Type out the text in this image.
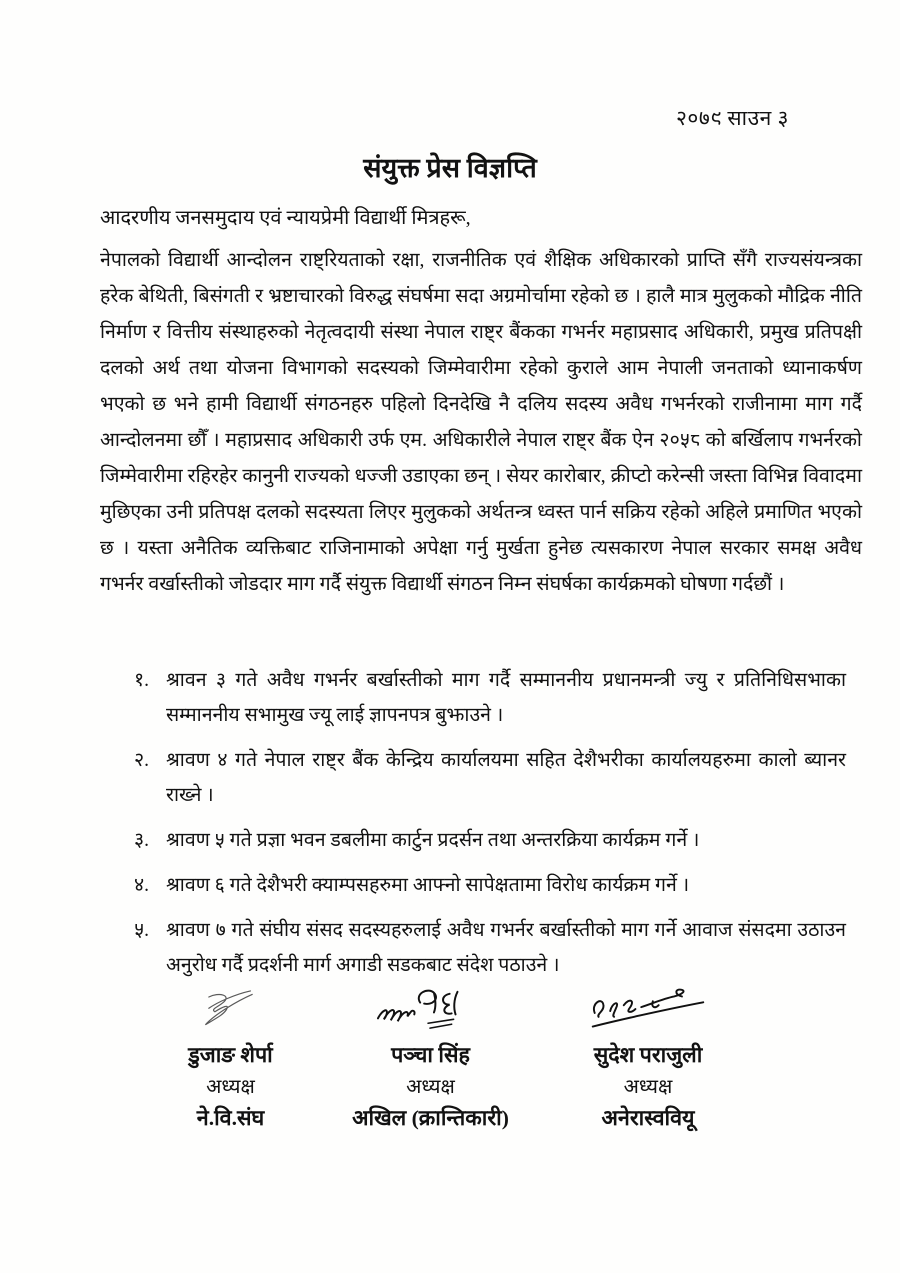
२०७९ साउन ३
संयुक्त प्रेस विज्ञप्ति
आदरणीय जनसमुदाय एवं न्यायप्रेमी विद्यार्थी मित्रहरू,
नेपालको विद्यार्थी आन्दोलन राष्ट्रियताको रक्षा, राजनीतिक एवं शैक्षिक अधिकारको प्राप्ति सँगै राज्यसंयन्त्रका हरेक बेथिती, बिसंगती र भ्रष्टाचारको विरुद्ध संघर्षमा सदा अग्रमोर्चामा रहेको छ । हालै मात्र मुलुकको मौद्रिक नीति निर्माण र वित्तीय संस्थाहरुको नेतृत्वदायी संस्था नेपाल राष्ट्र बैंकका गभर्नर महाप्रसाद अधिकारी, प्रमुख प्रतिपक्षी दलको अर्थ तथा योजना विभागको सदस्यको जिम्मेवारीमा रहेको कुराले आम नेपाली जनताको ध्यानाकर्षण भएको छ भने हामी विद्यार्थी संगठनहरु पहिलो दिनदेखि नै दलिय सदस्य अवैध गभर्नरको राजीनामा माग गर्दै आन्दोलनमा छौँ । महाप्रसाद अधिकारी उर्फ एम. अधिकारीले नेपाल राष्ट्र बैंक ऐन २०५८ को बर्खिलाप गभर्नरको जिम्मेवारीमा रहिरहेर कानुनी राज्यको धज्जी उडाएका छन् । सेयर कारोबार, क्रीप्टो करेन्सी जस्ता विभिन्न विवादमा मुछिएका उनी प्रतिपक्ष दलको सदस्यता लिएर मुलुकको अर्थतन्त्र ध्वस्त पार्न सक्रिय रहेको अहिले प्रमाणित भएको छ । यस्ता अनैतिक व्यक्तिबाट राजिनामाको अपेक्षा गर्नु मुर्खता हुनेछ त्यसकारण नेपाल सरकार समक्ष अवैध गभर्नर वर्खास्तीको जोडदार माग गर्दै संयुक्त विद्यार्थी संगठन निम्न संघर्षका कार्यक्रमको घोषणा गर्दछौं ।
१. श्रावन ३ गते अवैध गभर्नर बर्खास्तीको माग गर्दै सम्माननीय प्रधानमन्त्री ज्यु र प्रतिनिधिसभाका सम्माननीय सभामुख ज्यू लाई ज्ञापनपत्र बुझाउने ।
२. श्रावण ४ गते नेपाल राष्ट्र बैंक केन्द्रिय कार्यालयमा सहित देशैभरीका कार्यालयहरुमा कालो ब्यानर राख्ने ।
३. श्रावण ५ गते प्रज्ञा भवन डबलीमा कार्टुन प्रदर्सन तथा अन्तरक्रिया कार्यक्रम गर्ने ।
४. श्रावण ६ गते देशैभरी क्याम्पसहरुमा आफ्नो सापेक्षतामा विरोध कार्यक्रम गर्ने ।
५. श्रावण ७ गते संघीय संसद सदस्यहरुलाई अवैध गभर्नर बर्खास्तीको माग गर्ने आवाज संसदमा उठाउन अनुरोध गर्दै प्रदर्शनी मार्ग अगाडी सडकबाट संदेश पठाउने ।
डुजाङ शेर्पा
अध्यक्ष
ने.वि.संघ
पञ्चा सिंह
अध्यक्ष
अखिल (क्रान्तिकारी)
सुदेश पराजुली
अध्यक्ष
अनेरास्ववियू
